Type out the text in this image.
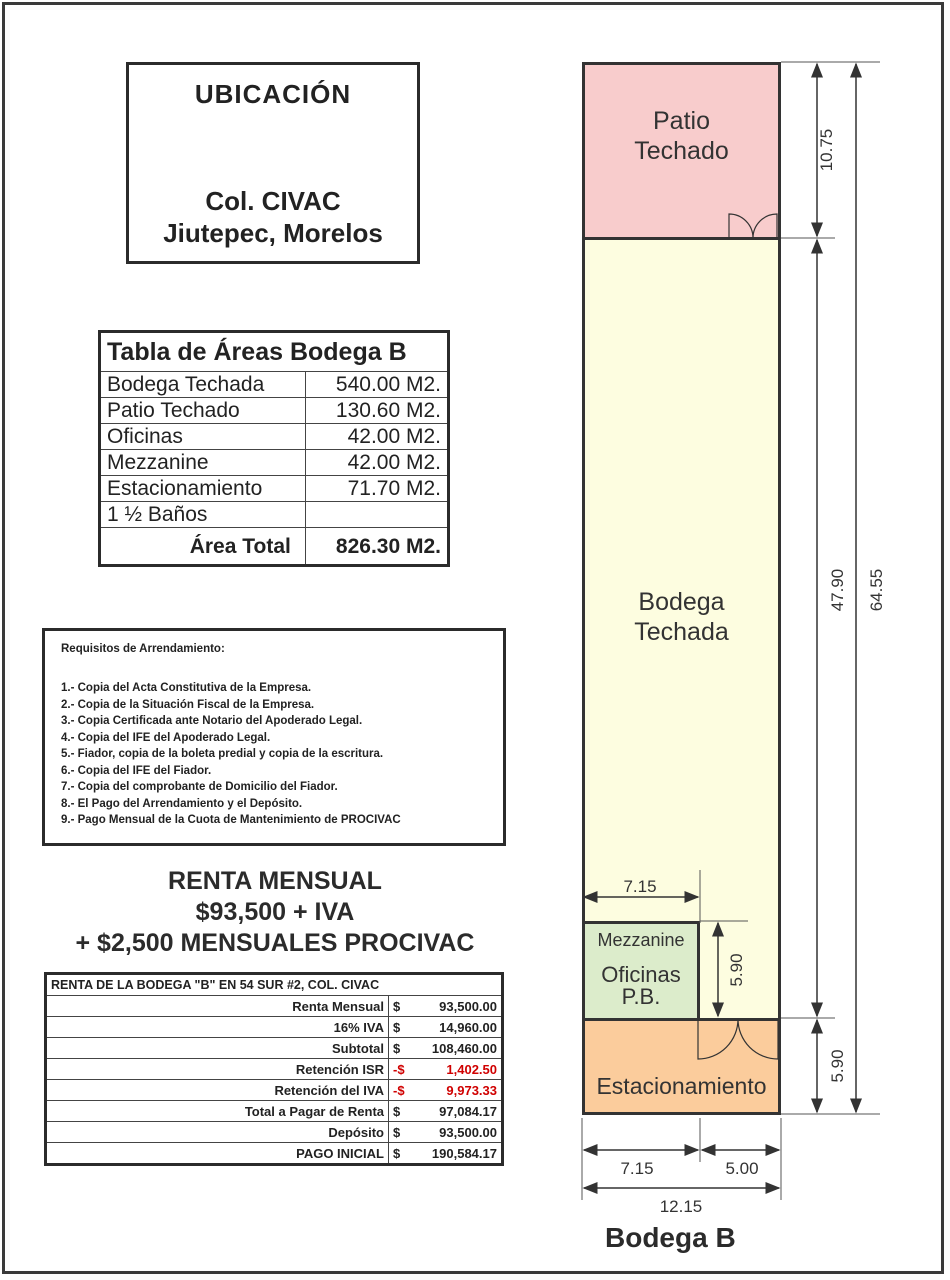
UBICACIÓN
Col. CIVAC
Jiutepec, Morelos
Tabla de Áreas Bodega B	
Bodega Techada	540.00 M2.
Patio Techado	130.60 M2.
Oficinas	42.00 M2.
Mezzanine	42.00 M2.
Estacionamiento	71.70 M2.
1 ½ Baños	
Área Total	826.30 M2.
Requisitos de Arrendamiento:
1.- Copia del Acta Constitutiva de la Empresa.
2.- Copia de la Situación Fiscal de la Empresa.
3.- Copia Certificada ante Notario del Apoderado Legal.
4.- Copia del IFE del Apoderado Legal.
5.- Fiador, copia de la boleta predial y copia de la escritura.
6.- Copia del IFE del Fiador.
7.- Copia del comprobante de Domicilio del Fiador.
8.- El Pago del Arrendamiento y el Depósito.
9.- Pago Mensual de la Cuota de Mantenimiento de PROCIVAC
RENTA MENSUAL
$93,500 + IVA
+ $2,500 MENSUALES PROCIVAC
RENTA DE LA BODEGA "B" EN 54 SUR #2, COL. CIVAC	
Renta Mensual	$ 93,500.00

16% IVA	$ 14,960.00

Subtotal	$ 108,460.00

Retención ISR	-$ 1,402.50

Retención del IVA	-$ 9,973.33

Total a Pagar de Renta	$ 97,084.17

Depósito	$ 93,500.00

PAGO INICIAL	$ 190,584.17
Patio
Techado
Bodega
Techada
Mezzanine
Oficinas
P.B.
Estacionamiento
10.75
47.90 64.55
5.90
5.90
7.15
7.15	5.00
12.15
Bodega B
